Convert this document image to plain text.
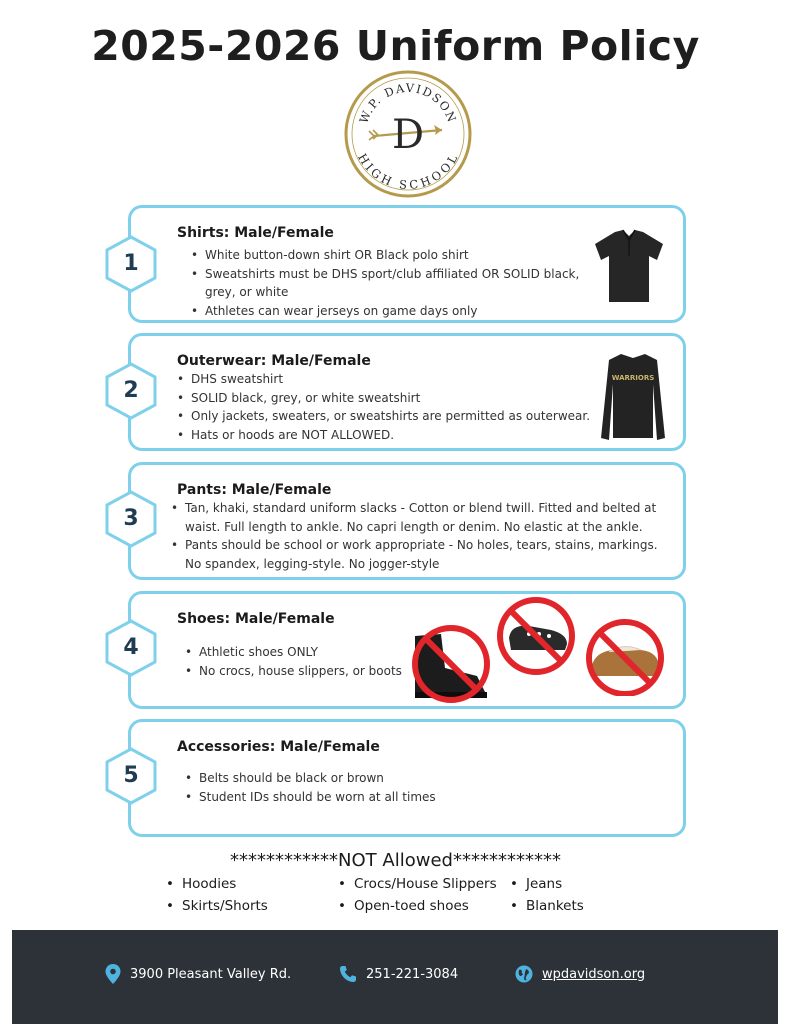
2025-2026 Uniform Policy
W.P. DAVIDSON
HIGH SCHOOL
D
Shirts: Male/Female
• White button-down shirt OR Black polo shirt
• Sweatshirts must be DHS sport/club affiliated OR SOLID black, grey, or white
• Athletes can wear jerseys on game days only
1
Outerwear: Male/Female
• DHS sweatshirt
• SOLID black, grey, or white sweatshirt
• Only jackets, sweaters, or sweatshirts are permitted as outerwear.
• Hats or hoods are NOT ALLOWED.
WARRIORS
2
Pants: Male/Female
• Tan, khaki, standard uniform slacks - Cotton or blend twill. Fitted and belted at waist. Full length to ankle. No capri length or denim. No elastic at the ankle.
• Pants should be school or work appropriate - No holes, tears, stains, markings. No spandex, legging-style. No jogger-style
3
Shoes: Male/Female
• Athletic shoes ONLY
• No crocs, house slippers, or boots
4
Accessories: Male/Female
• Belts should be black or brown
• Student IDs should be worn at all times
5
************NOT Allowed************
• Hoodies
• Skirts/Shorts
• Crocs/House Slippers
• Open-toed shoes
• Jeans
• Blankets
3900 Pleasant Valley Rd.	251-221-3084	wpdavidson.org
